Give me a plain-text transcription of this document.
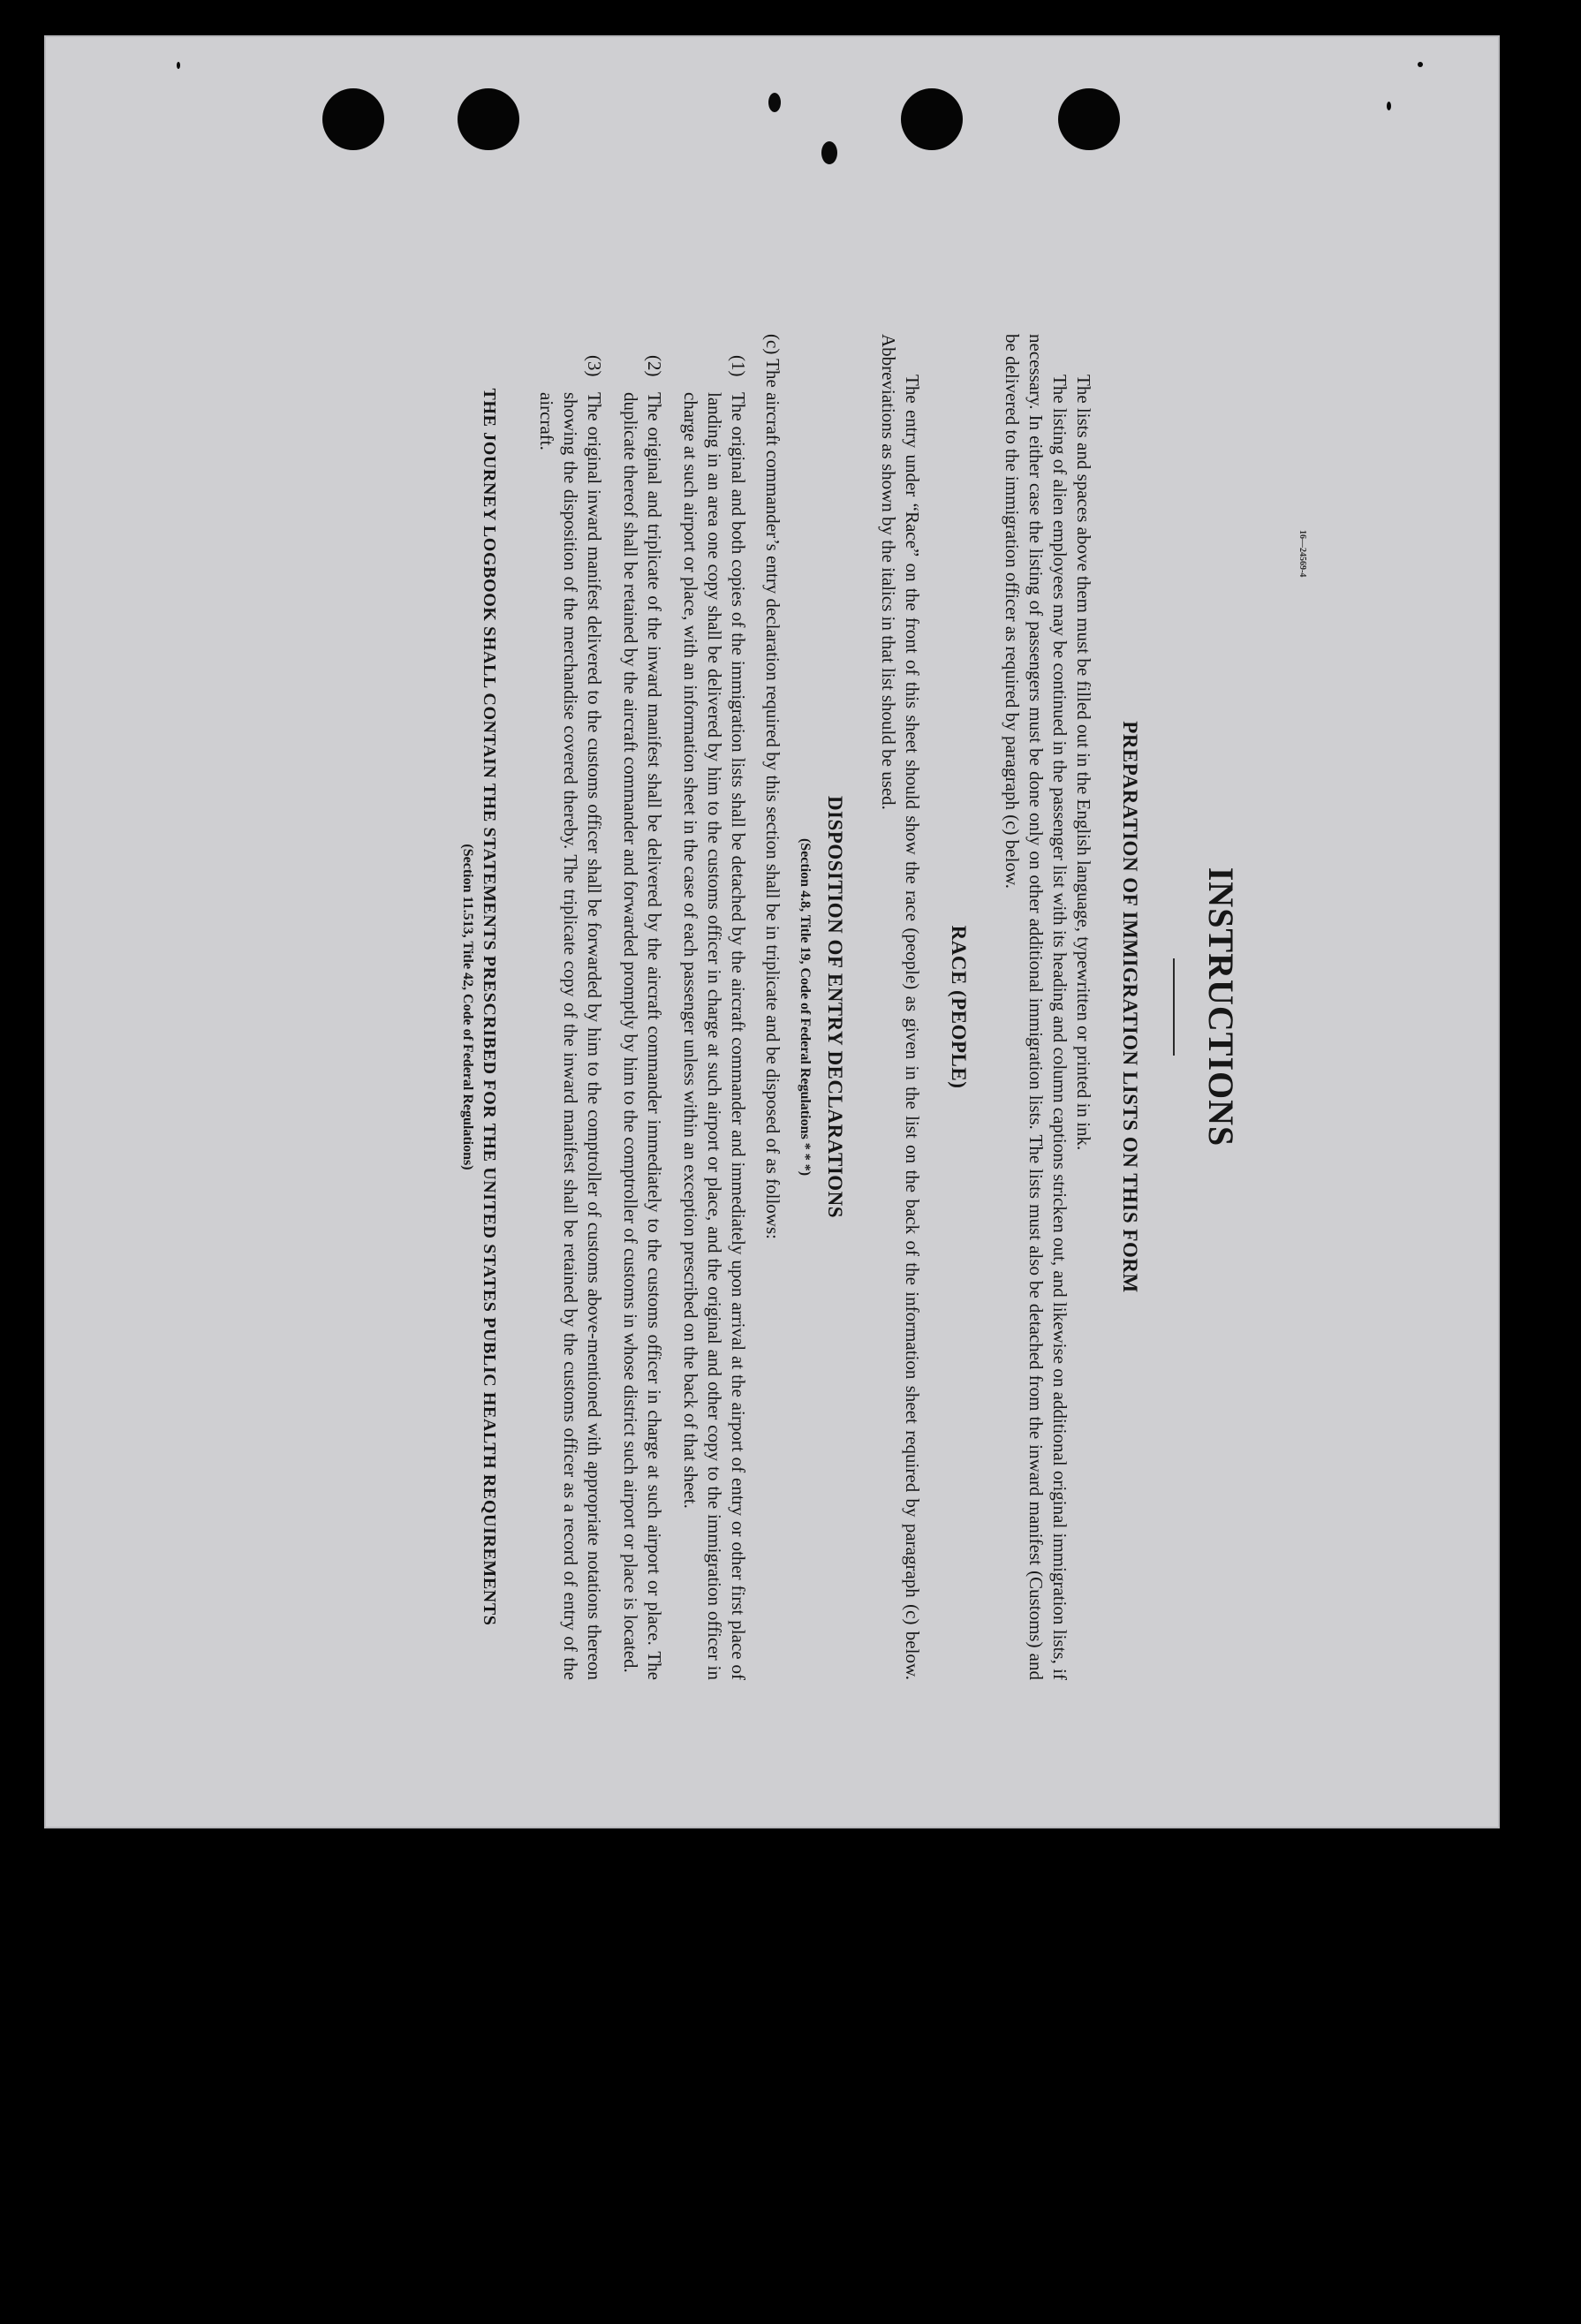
INSTRUCTIONS
PREPARATION OF IMMIGRATION LISTS ON THIS FORM

The lists and spaces above them must be filled out in the English language, typewritten or printed in ink.

The listing of alien employees may be continued in the passenger list with its heading and column captions stricken out, and likewise on additional original immigration lists, if necessary. In either case the listing of passengers must be done only on other additional immigration lists. The lists must also be detached from the inward manifest (Customs) and be delivered to the immigration officer as required by paragraph (c) below.

RACE (PEOPLE)

The entry under “Race” on the front of this sheet should show the race (people) as given in the list on the back of the information sheet required by paragraph (c) below. Abbreviations as shown by the italics in that list should be used.

DISPOSITION OF ENTRY DECLARATIONS
(Section 4.8, Title 19, Code of Federal Regulations * * *)

(c) The aircraft commander’s entry declaration required by this section shall be in triplicate and be disposed of as follows:

(1)
The original and both copies of the immigration lists shall be detached by the aircraft commander and immediately upon arrival at the airport of entry or other first place of landing in an area one copy shall be delivered by him to the customs officer in charge at such airport or place, and the original and other copy to the immigration officer in charge at such airport or place, with an information sheet in the case of each passenger unless within an exception prescribed on the back of that sheet.
(2)
The original and triplicate of the inward manifest shall be delivered by the aircraft commander immediately to the customs officer in charge at such airport or place. The duplicate thereof shall be retained by the aircraft commander and forwarded promptly by him to the comptroller of customs in whose district such airport or place is located.
(3)
The original inward manifest delivered to the customs officer shall be forwarded by him to the comptroller of customs above-mentioned with appropriate notations thereon showing the disposition of the merchandise covered thereby. The triplicate copy of the inward manifest shall be retained by the customs officer as a record of entry of the aircraft.
THE JOURNEY LOGBOOK SHALL CONTAIN THE STATEMENTS PRESCRIBED FOR THE UNITED STATES PUBLIC HEALTH REQUIREMENTS
(Section 11.513, Title 42, Code of Federal Regulations)
16—24569-4
